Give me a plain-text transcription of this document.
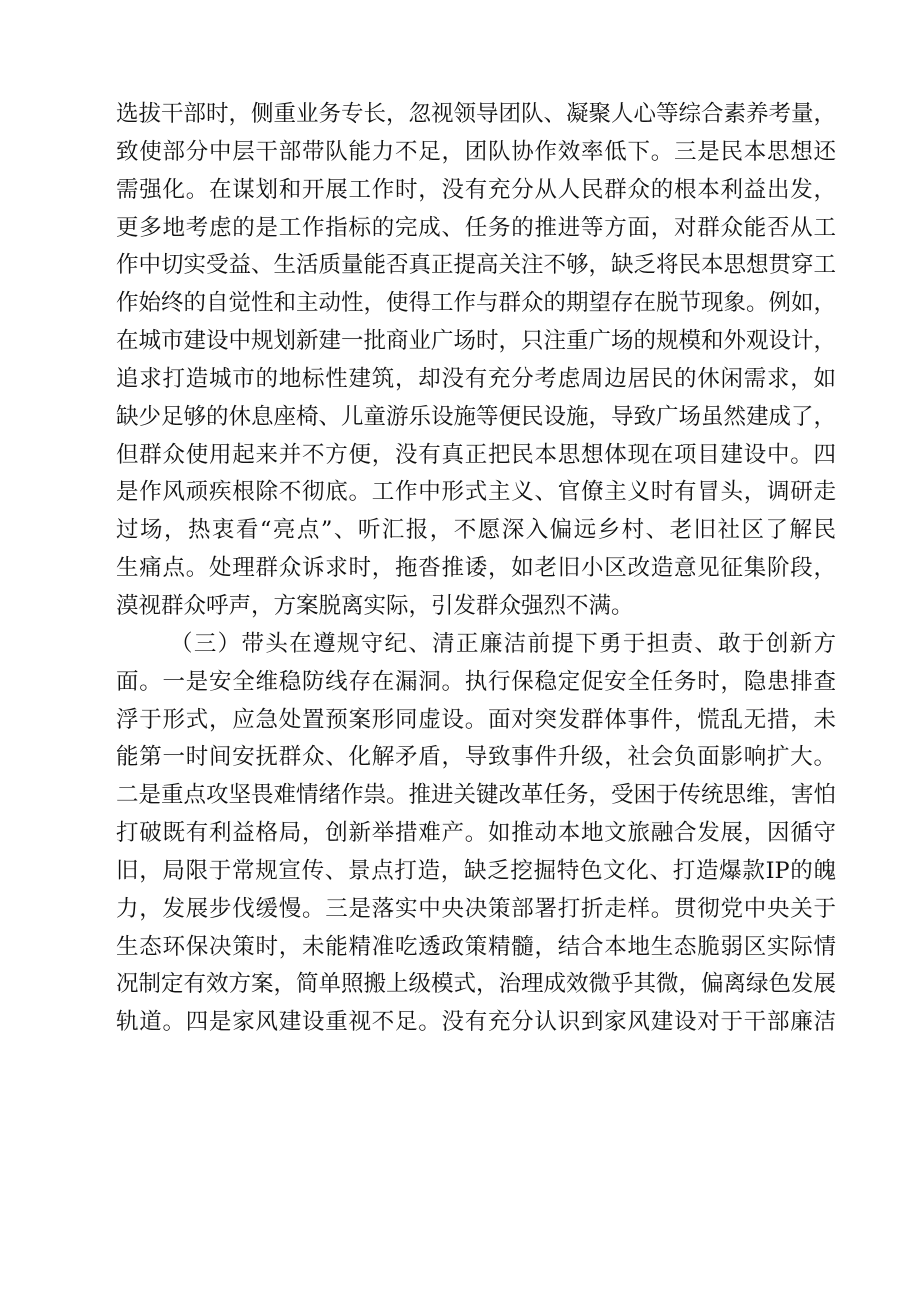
选拔干部时，侧重业务专长，忽视领导团队、凝聚人心等综合素养考量，
致使部分中层干部带队能力不足，团队协作效率低下。三是民本思想还
需强化。在谋划和开展工作时，没有充分从人民群众的根本利益出发，
更多地考虑的是工作指标的完成、任务的推进等方面，对群众能否从工
作中切实受益、生活质量能否真正提高关注不够，缺乏将民本思想贯穿工
作始终的自觉性和主动性，使得工作与群众的期望存在脱节现象。例如，
在城市建设中规划新建一批商业广场时，只注重广场的规模和外观设计，
追求打造城市的地标性建筑，却没有充分考虑周边居民的休闲需求，如
缺少足够的休息座椅、儿童游乐设施等便民设施，导致广场虽然建成了，
但群众使用起来并不方便，没有真正把民本思想体现在项目建设中。四
是作风顽疾根除不彻底。工作中形式主义、官僚主义时有冒头，调研走
过场，热衷看“亮点”、听汇报，不愿深入偏远乡村、老旧社区了解民
生痛点。处理群众诉求时，拖沓推诿，如老旧小区改造意见征集阶段，
漠视群众呼声，方案脱离实际，引发群众强烈不满。
（三）带头在遵规守纪、清正廉洁前提下勇于担责、敢于创新方
面。一是安全维稳防线存在漏洞。执行保稳定促安全任务时，隐患排查
浮于形式，应急处置预案形同虚设。面对突发群体事件，慌乱无措，未
能第一时间安抚群众、化解矛盾，导致事件升级，社会负面影响扩大。
二是重点攻坚畏难情绪作祟。推进关键改革任务，受困于传统思维，害怕
打破既有利益格局，创新举措难产。如推动本地文旅融合发展，因循守
旧，局限于常规宣传、景点打造，缺乏挖掘特色文化、打造爆款IP的魄
力，发展步伐缓慢。三是落实中央决策部署打折走样。贯彻党中央关于
生态环保决策时，未能精准吃透政策精髓，结合本地生态脆弱区实际情
况制定有效方案，简单照搬上级模式，治理成效微乎其微，偏离绿色发展
轨道。四是家风建设重视不足。没有充分认识到家风建设对于干部廉洁
